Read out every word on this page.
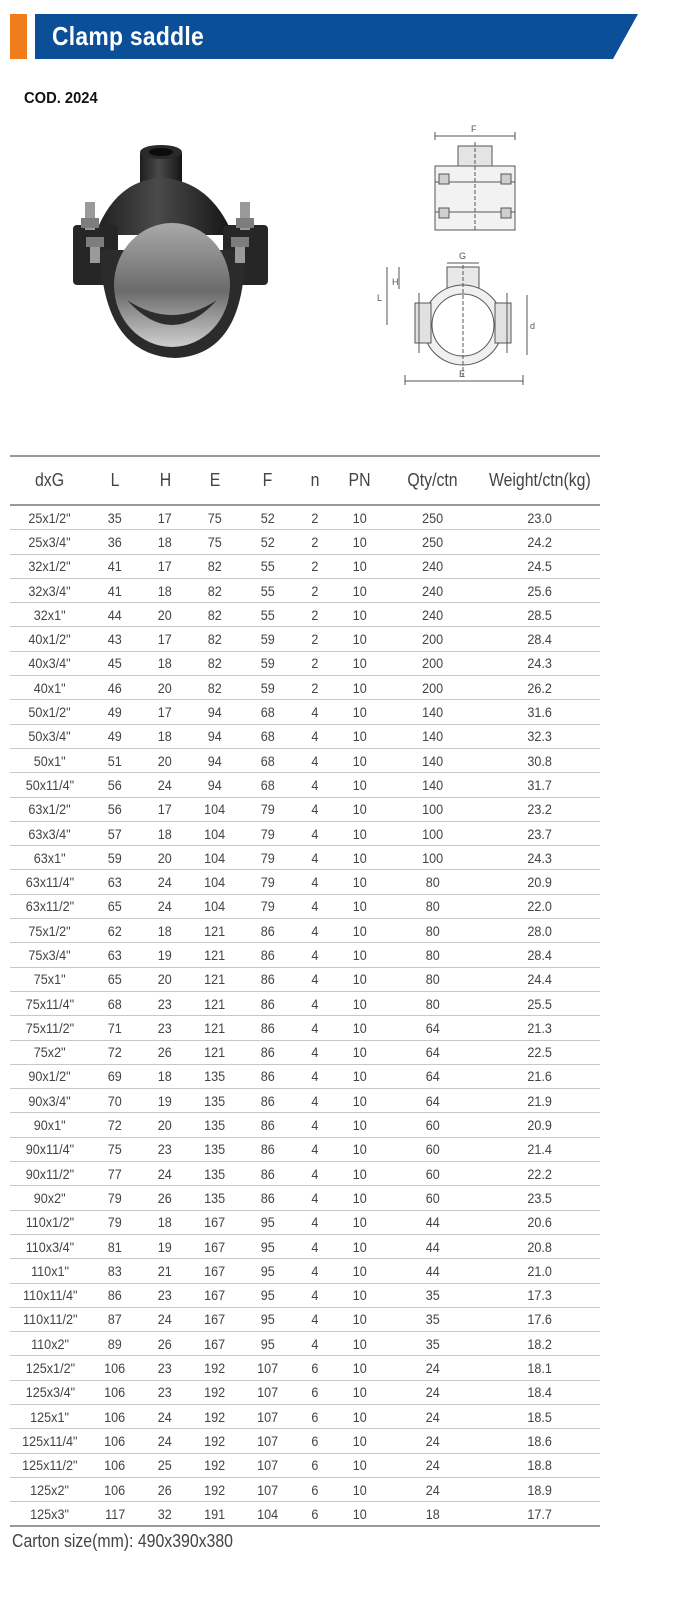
Clamp saddle
COD. 2024
F
G
E
L
H
d
dxG	L	H	E	F	n	PN	Qty/ctn	Weight/ctn(kg)
25x1/2"	35	17	75	52	2	10	250	23.0
25x3/4"	36	18	75	52	2	10	250	24.2
32x1/2"	41	17	82	55	2	10	240	24.5
32x3/4"	41	18	82	55	2	10	240	25.6
32x1"	44	20	82	55	2	10	240	28.5
40x1/2"	43	17	82	59	2	10	200	28.4
40x3/4"	45	18	82	59	2	10	200	24.3
40x1"	46	20	82	59	2	10	200	26.2
50x1/2"	49	17	94	68	4	10	140	31.6
50x3/4"	49	18	94	68	4	10	140	32.3
50x1"	51	20	94	68	4	10	140	30.8
50x11/4"	56	24	94	68	4	10	140	31.7
63x1/2"	56	17	104	79	4	10	100	23.2
63x3/4"	57	18	104	79	4	10	100	23.7
63x1"	59	20	104	79	4	10	100	24.3
63x11/4"	63	24	104	79	4	10	80	20.9
63x11/2"	65	24	104	79	4	10	80	22.0
75x1/2"	62	18	121	86	4	10	80	28.0
75x3/4"	63	19	121	86	4	10	80	28.4
75x1"	65	20	121	86	4	10	80	24.4
75x11/4"	68	23	121	86	4	10	80	25.5
75x11/2"	71	23	121	86	4	10	64	21.3
75x2"	72	26	121	86	4	10	64	22.5
90x1/2"	69	18	135	86	4	10	64	21.6
90x3/4"	70	19	135	86	4	10	64	21.9
90x1"	72	20	135	86	4	10	60	20.9
90x11/4"	75	23	135	86	4	10	60	21.4
90x11/2"	77	24	135	86	4	10	60	22.2
90x2"	79	26	135	86	4	10	60	23.5
110x1/2"	79	18	167	95	4	10	44	20.6
110x3/4"	81	19	167	95	4	10	44	20.8
110x1"	83	21	167	95	4	10	44	21.0
110x11/4"	86	23	167	95	4	10	35	17.3
110x11/2"	87	24	167	95	4	10	35	17.6
110x2"	89	26	167	95	4	10	35	18.2
125x1/2"	106	23	192	107	6	10	24	18.1
125x3/4"	106	23	192	107	6	10	24	18.4
125x1"	106	24	192	107	6	10	24	18.5
125x11/4"	106	24	192	107	6	10	24	18.6
125x11/2"	106	25	192	107	6	10	24	18.8
125x2"	106	26	192	107	6	10	24	18.9
125x3"	117	32	191	104	6	10	18	17.7
Carton size(mm): 490x390x380
